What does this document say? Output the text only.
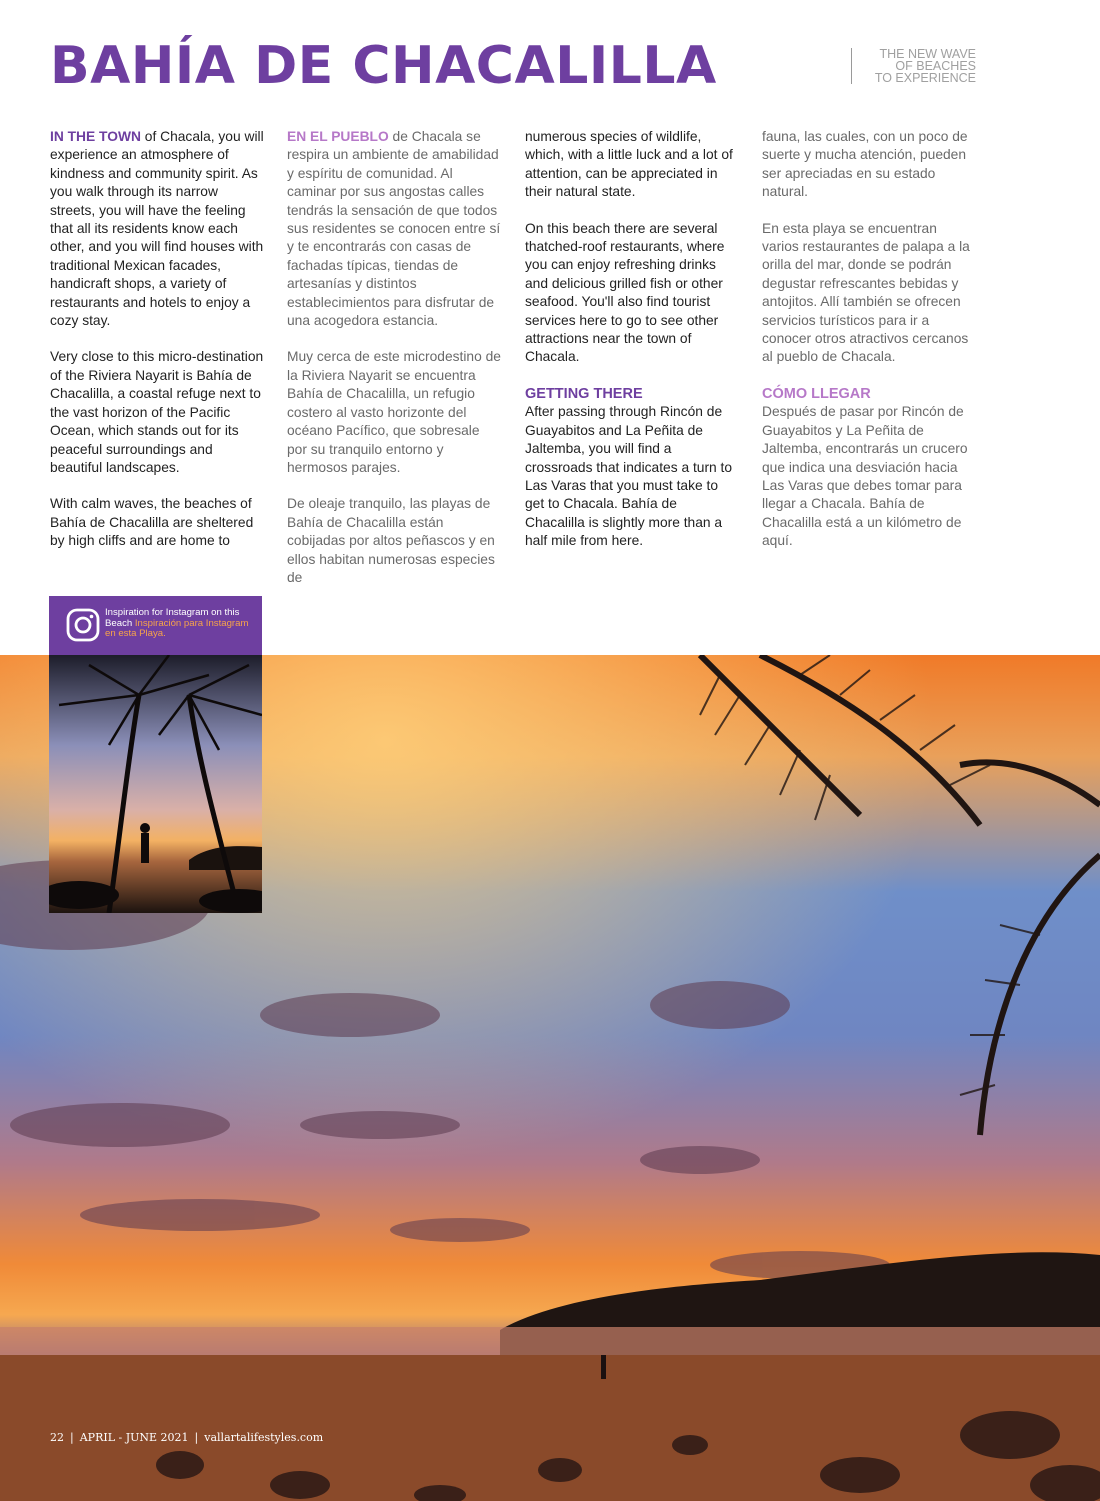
BAHÍA DE CHACALILLA	THE NEW WAVE
OF BEACHES
TO EXPERIENCE

IN THE TOWN of Chacala, you will experience an atmosphere of kindness and community spirit. As you walk through its narrow streets, you will have the feeling that all its residents know each other, and you will find houses with traditional Mexican facades, handicraft shops, a variety of restaurants and hotels to enjoy a cozy stay.

Very close to this micro-destination of the Riviera Nayarit is Bahía de Chacalilla, a coastal refuge next to the vast horizon of the Pacific Ocean, which stands out for its peaceful surroundings and beautiful landscapes.

With calm waves, the beaches of Bahía de Chacalilla are sheltered by high cliffs and are home to

EN EL PUEBLO de Chacala se respira un ambiente de amabilidad y espíritu de comunidad. Al caminar por sus angostas calles tendrás la sensación de que todos sus residentes se conocen entre sí y te encontrarás con casas de fachadas típicas, tiendas de artesanías y distintos establecimientos para disfrutar de una acogedora estancia.

Muy cerca de este microdestino de la Riviera Nayarit se encuentra Bahía de Chacalilla, un refugio costero al vasto horizonte del océano Pacífico, que sobresale por su tranquilo entorno y hermosos parajes.

De oleaje tranquilo, las playas de Bahía de Chacalilla están cobijadas por altos peñascos y en ellos habitan numerosas especies de

numerous species of wildlife, which, with a little luck and a lot of attention, can be appreciated in their natural state.

On this beach there are several thatched-roof restaurants, where you can enjoy refreshing drinks and delicious grilled fish or other seafood. You'll also find tourist services here to go to see other attractions near the town of Chacala.

GETTING THERE

After passing through Rincón de Guayabitos and La Peñita de Jaltemba, you will find a crossroads that indicates a turn to Las Varas that you must take to get to Chacala. Bahía de Chacalilla is slightly more than a half mile from here.

fauna, las cuales, con un poco de suerte y mucha atención, pueden ser apreciadas en su estado natural.

En esta playa se encuentran varios restaurantes de palapa a la orilla del mar, donde se podrán degustar refrescantes bebidas y antojitos. Allí también se ofrecen servicios turísticos para ir a conocer otros atractivos cercanos al pueblo de Chacala.

CÓMO LLEGAR

Después de pasar por Rincón de Guayabitos y La Peñita de Jaltemba, encontrarás un crucero que indica una desviación hacia Las Varas que debes tomar para llegar a Chacala. Bahía de Chacalilla está a un kilómetro de aquí.

Inspiration for Instagram on this Beach Inspiración para Instagram en esta Playa.
22 | APRIL - JUNE 2021 | vallartalifestyles.com
